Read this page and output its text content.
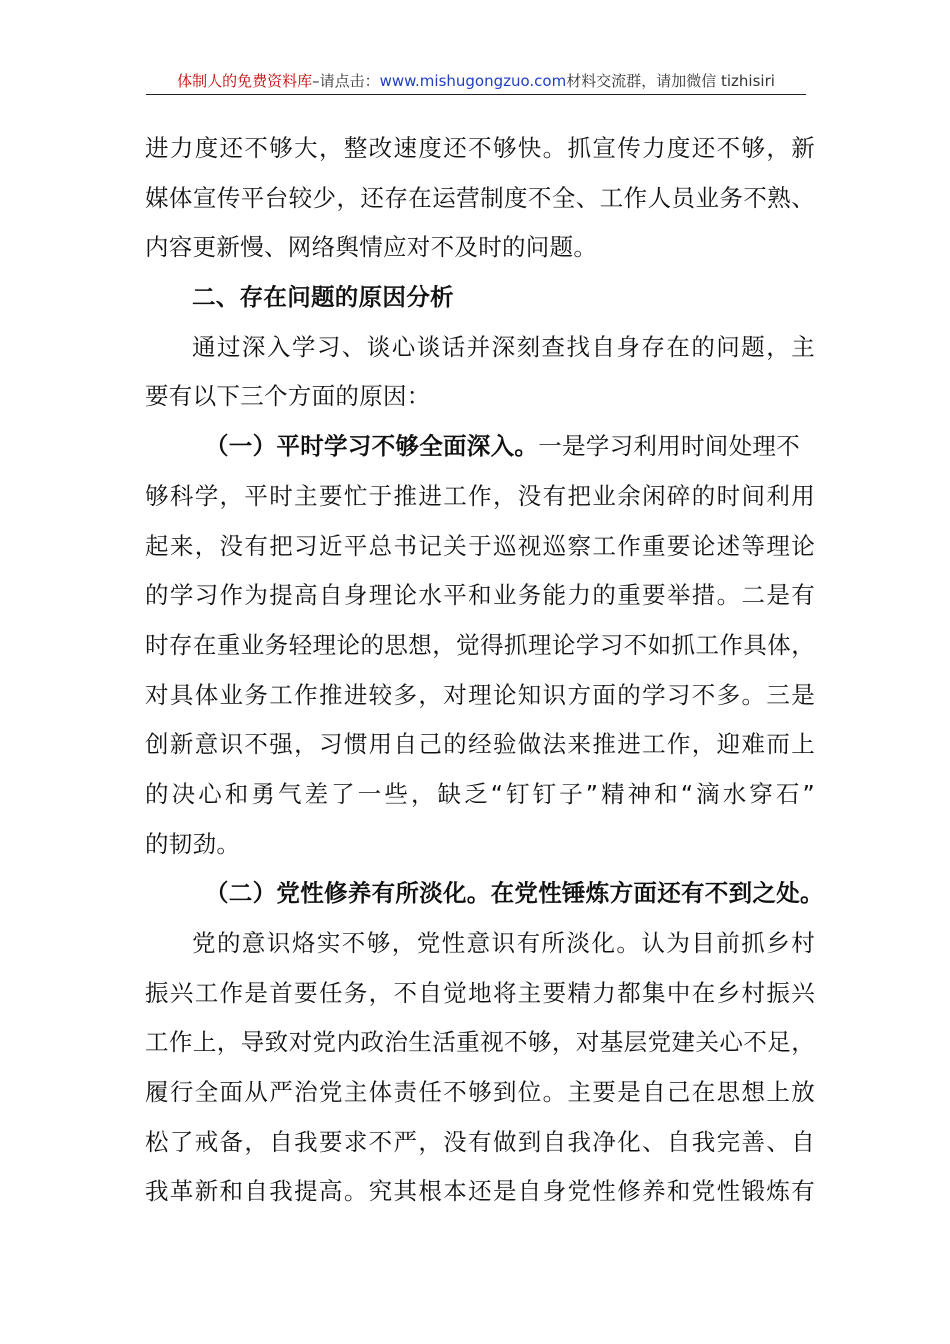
体制人的免费资料库–请点击：www.mishugongzuo.com材料交流群，请加微信 tizhisiri
进力度还不够大，整改速度还不够快。抓宣传力度还不够，新
媒体宣传平台较少，还存在运营制度不全、工作人员业务不熟、
内容更新慢、网络舆情应对不及时的问题。
二、存在问题的原因分析
通过深入学习、谈心谈话并深刻查找自身存在的问题，主
要有以下三个方面的原因：
（一）平时学习不够全面深入。一是学习利用时间处理不
够科学，平时主要忙于推进工作，没有把业余闲碎的时间利用
起来，没有把习近平总书记关于巡视巡察工作重要论述等理论
的学习作为提高自身理论水平和业务能力的重要举措。二是有
时存在重业务轻理论的思想，觉得抓理论学习不如抓工作具体，
对具体业务工作推进较多，对理论知识方面的学习不多。三是
创新意识不强，习惯用自己的经验做法来推进工作，迎难而上
的决心和勇气差了一些，缺乏“钉钉子”精神和“滴水穿石”
的韧劲。
（二）党性修养有所淡化。在党性锤炼方面还有不到之处。
党的意识烙实不够，党性意识有所淡化。认为目前抓乡村
振兴工作是首要任务，不自觉地将主要精力都集中在乡村振兴
工作上，导致对党内政治生活重视不够，对基层党建关心不足，
履行全面从严治党主体责任不够到位。主要是自己在思想上放
松了戒备，自我要求不严，没有做到自我净化、自我完善、自
我革新和自我提高。究其根本还是自身党性修养和党性锻炼有
